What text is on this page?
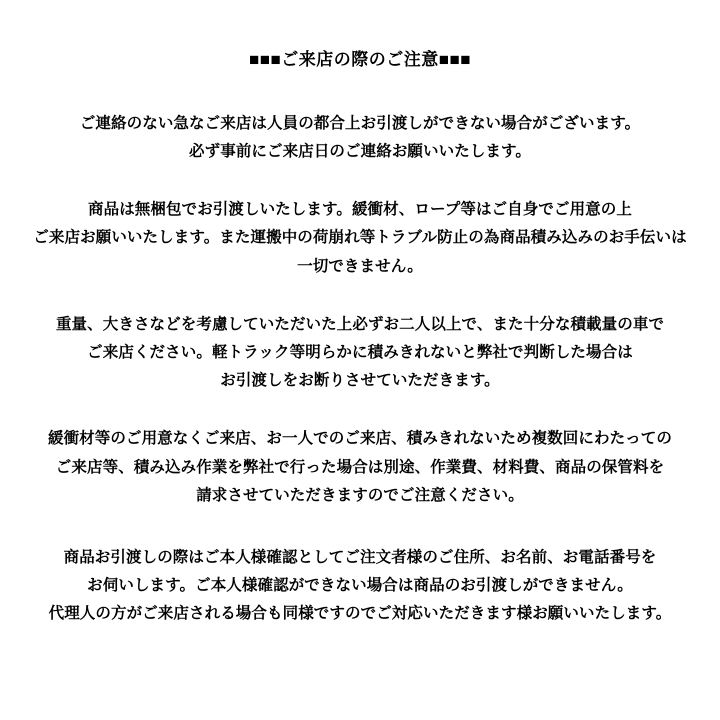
■■■ご来店の際のご注意■■■

ご連絡のない急なご来店は人員の都合上お引渡しができない場合がございます。
必ず事前にご来店日のご連絡お願いいたします。

商品は無梱包でお引渡しいたします。緩衝材、ロープ等はご自身でご用意の上
ご来店お願いいたします。また運搬中の荷崩れ等トラブル防止の為商品積み込みのお手伝いは
一切できません。

重量、大きさなどを考慮していただいた上必ずお二人以上で、また十分な積載量の車で
ご来店ください。軽トラック等明らかに積みきれないと弊社で判断した場合は
お引渡しをお断りさせていただきます。

緩衝材等のご用意なくご来店、お一人でのご来店、積みきれないため複数回にわたっての
ご来店等、積み込み作業を弊社で行った場合は別途、作業費、材料費、商品の保管料を
請求させていただきますのでご注意ください。

商品お引渡しの際はご本人様確認としてご注文者様のご住所、お名前、お電話番号を
お伺いします。ご本人様確認ができない場合は商品のお引渡しができません。
代理人の方がご来店される場合も同様ですのでご対応いただきます様お願いいたします。
